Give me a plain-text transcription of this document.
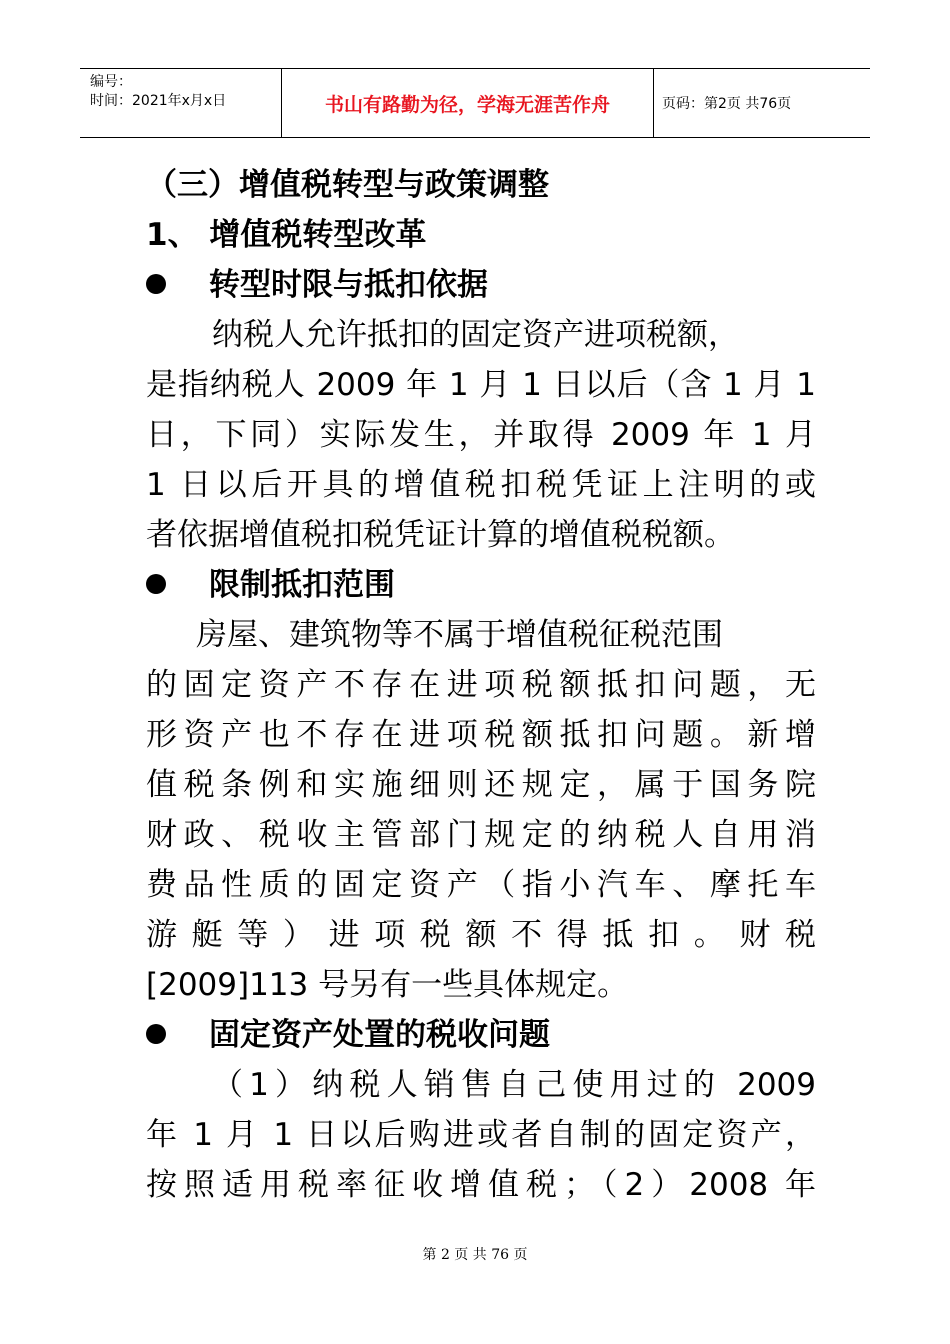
编号：
时间：2021年x月x日	书山有路勤为径，学海无涯苦作舟	页码：第2页 共76页
（三）增值税转型与政策调整
1、 增值税转型改革
转型时限与抵扣依据
纳税人允许抵扣的固定资产进项税额，
是指纳税人 2009 年 1 月 1 日以后（含 1 月 1
日，下同）实际发生，并取得 2009 年 1 月
1 日以后开具的增值税扣税凭证上注明的或
者依据增值税扣税凭证计算的增值税税额。
限制抵扣范围
房屋、建筑物等不属于增值税征税范围
的固定资产不存在进项税额抵扣问题，无
形资产也不存在进项税额抵扣问题。新增
值税条例和实施细则还规定，属于国务院
财政、税收主管部门规定的纳税人自用消
费品性质的固定资产（指小汽车、摩托车
游艇等）进项税额不得抵扣。财税
[2009]113 号另有一些具体规定。
固定资产处置的税收问题
（1）纳税人销售自己使用过的 2009
年 1 月 1 日以后购进或者自制的固定资产，
按照适用税率征收增值税；（2）2008 年
第 2 页 共 76 页
